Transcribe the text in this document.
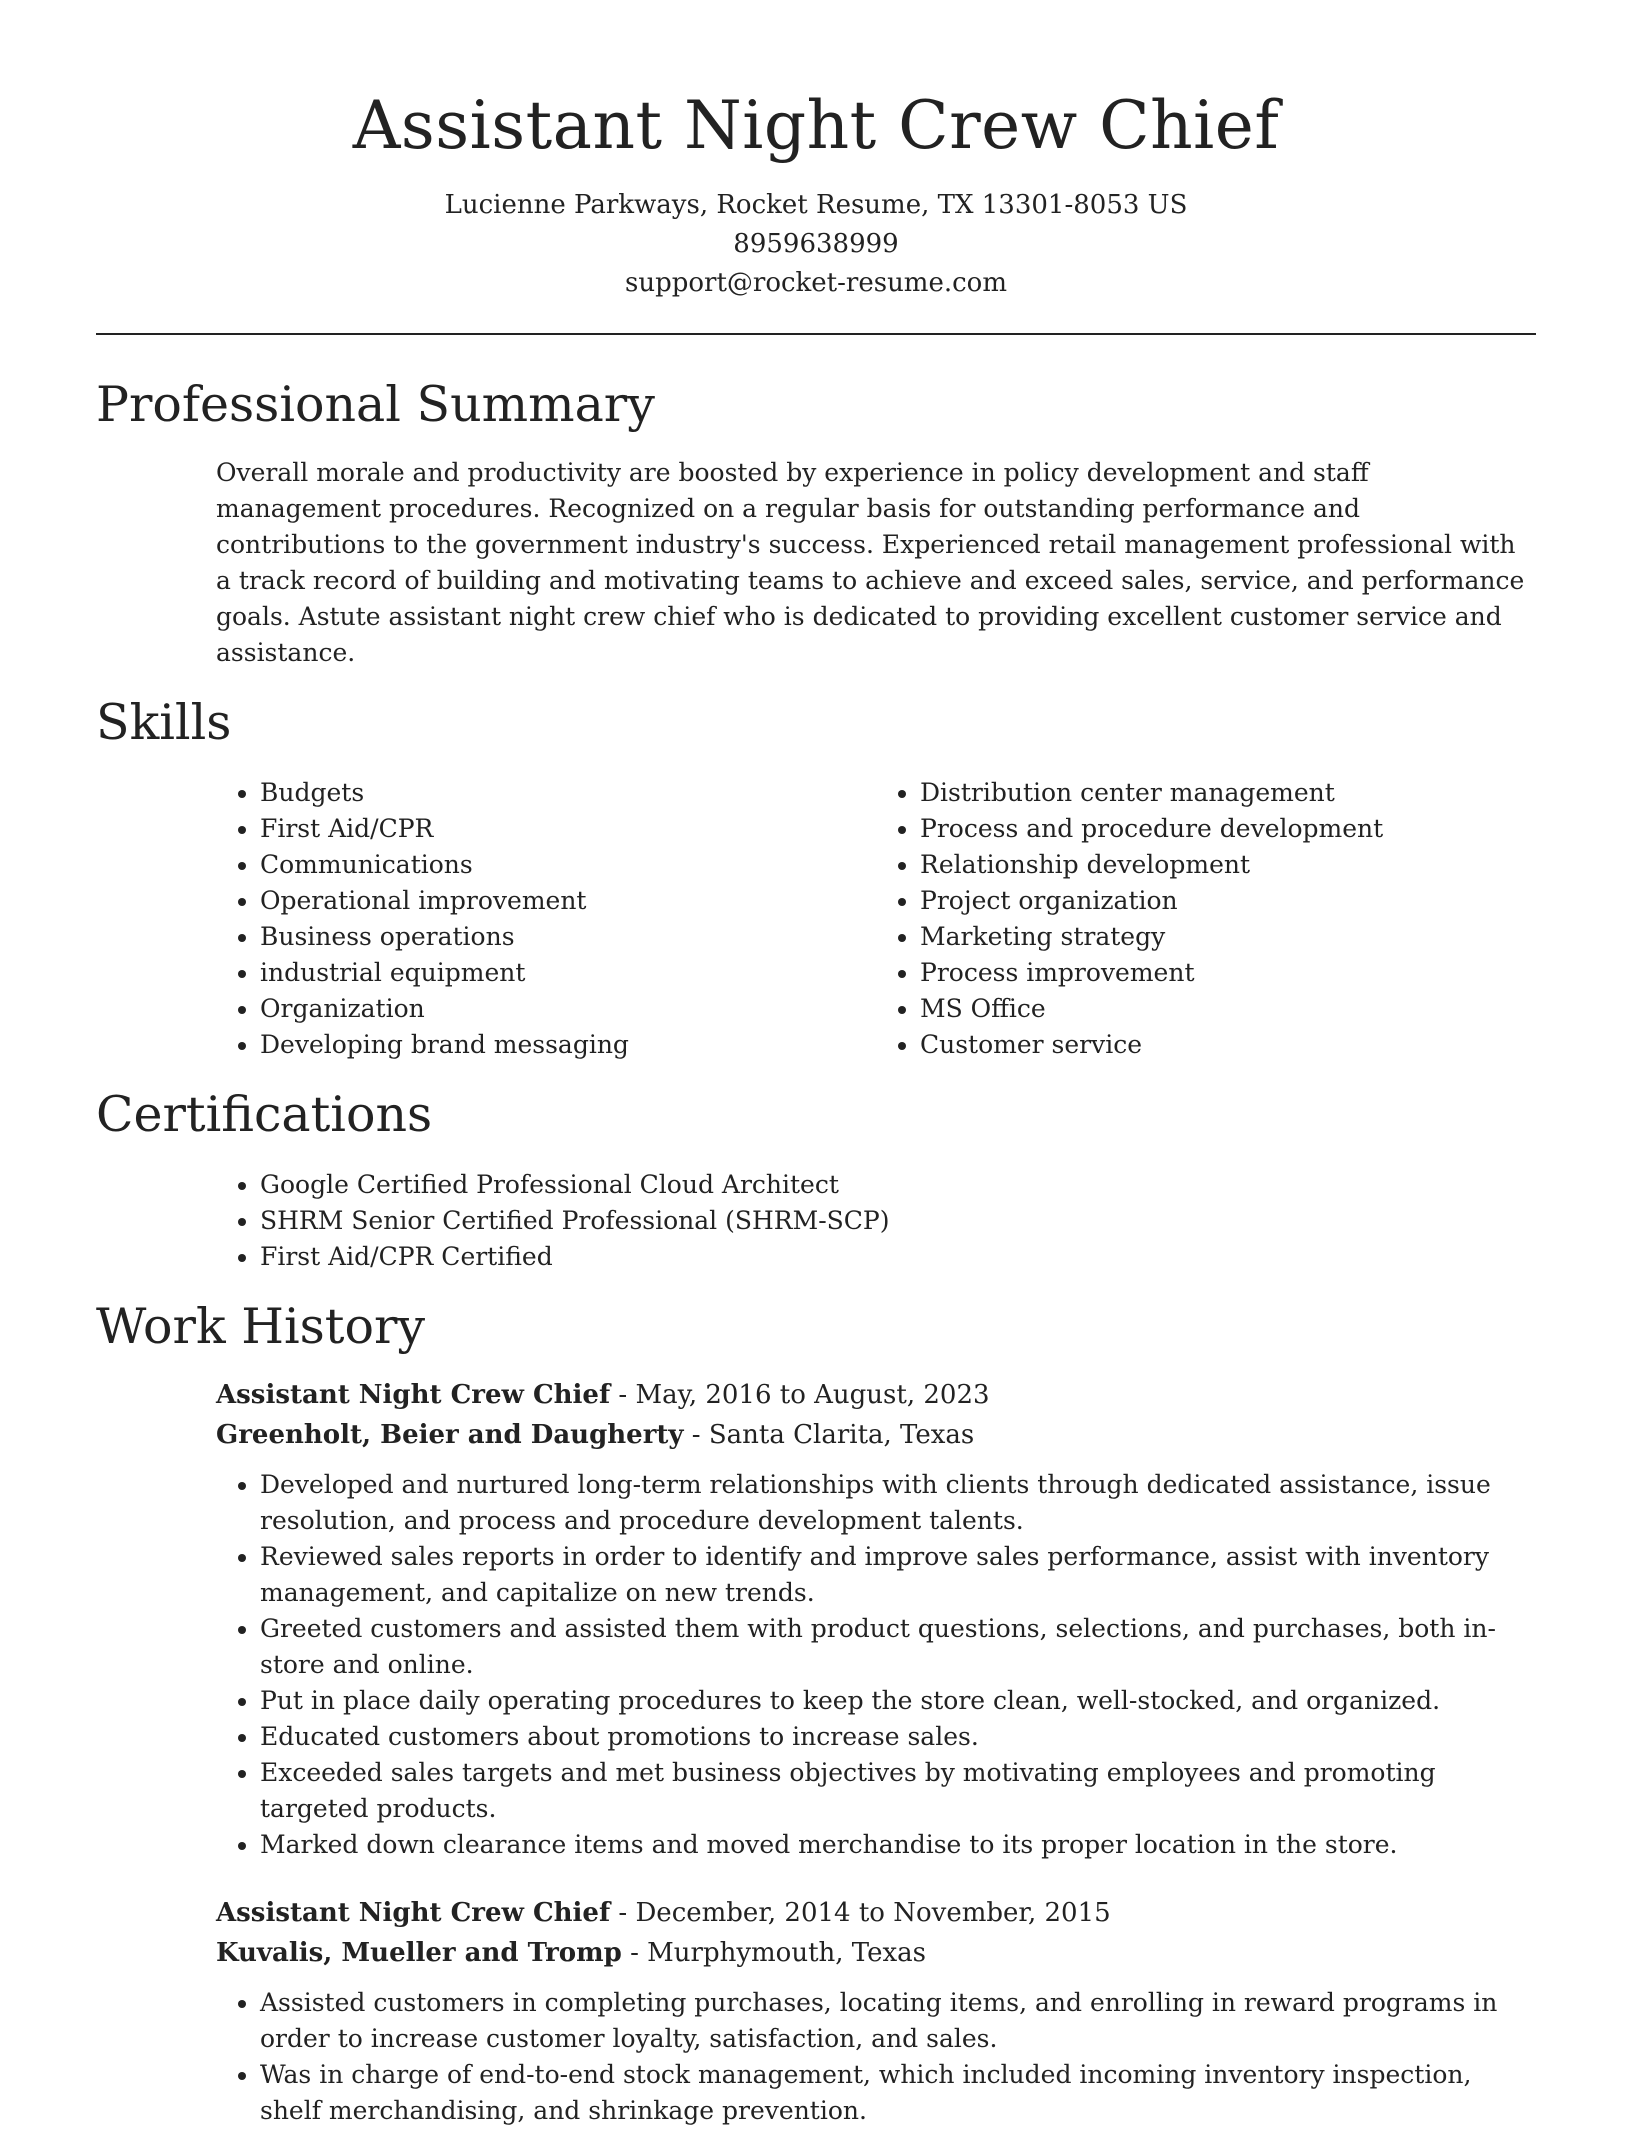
Assistant Night Crew Chief
Lucienne Parkways, Rocket Resume, TX 13301-8053 US
8959638999
support@rocket-resume.com
Professional Summary

Overall morale and productivity are boosted by experience in policy development and staff management procedures. Recognized on a regular basis for outstanding performance and contributions to the government industry's success. Experienced retail management professional with a track record of building and motivating teams to achieve and exceed sales, service, and performance goals. Astute assistant night crew chief who is dedicated to providing excellent customer service and assistance.

Skills
• Budgets
• First Aid/CPR
• Communications
• Operational improvement
• Business operations
• industrial equipment
• Organization
• Developing brand messaging
• Distribution center management
• Process and procedure development
• Relationship development
• Project organization
• Marketing strategy
• Process improvement
• MS Office
• Customer service
Certifications
• Google Certified Professional Cloud Architect
• SHRM Senior Certified Professional (SHRM-SCP)
• First Aid/CPR Certified
Work History
Assistant Night Crew Chief - May, 2016 to August, 2023
Greenholt, Beier and Daugherty - Santa Clarita, Texas
• Developed and nurtured long-term relationships with clients through dedicated assistance, issue resolution, and process and procedure development talents.
• Reviewed sales reports in order to identify and improve sales performance, assist with inventory management, and capitalize on new trends.
• Greeted customers and assisted them with product questions, selections, and purchases, both in-store and online.
• Put in place daily operating procedures to keep the store clean, well-stocked, and organized.
• Educated customers about promotions to increase sales.
• Exceeded sales targets and met business objectives by motivating employees and promoting targeted products.
• Marked down clearance items and moved merchandise to its proper location in the store.
Assistant Night Crew Chief - December, 2014 to November, 2015
Kuvalis, Mueller and Tromp - Murphymouth, Texas
• Assisted customers in completing purchases, locating items, and enrolling in reward programs in order to increase customer loyalty, satisfaction, and sales.
• Was in charge of end-to-end stock management, which included incoming inventory inspection, shelf merchandising, and shrinkage prevention.
